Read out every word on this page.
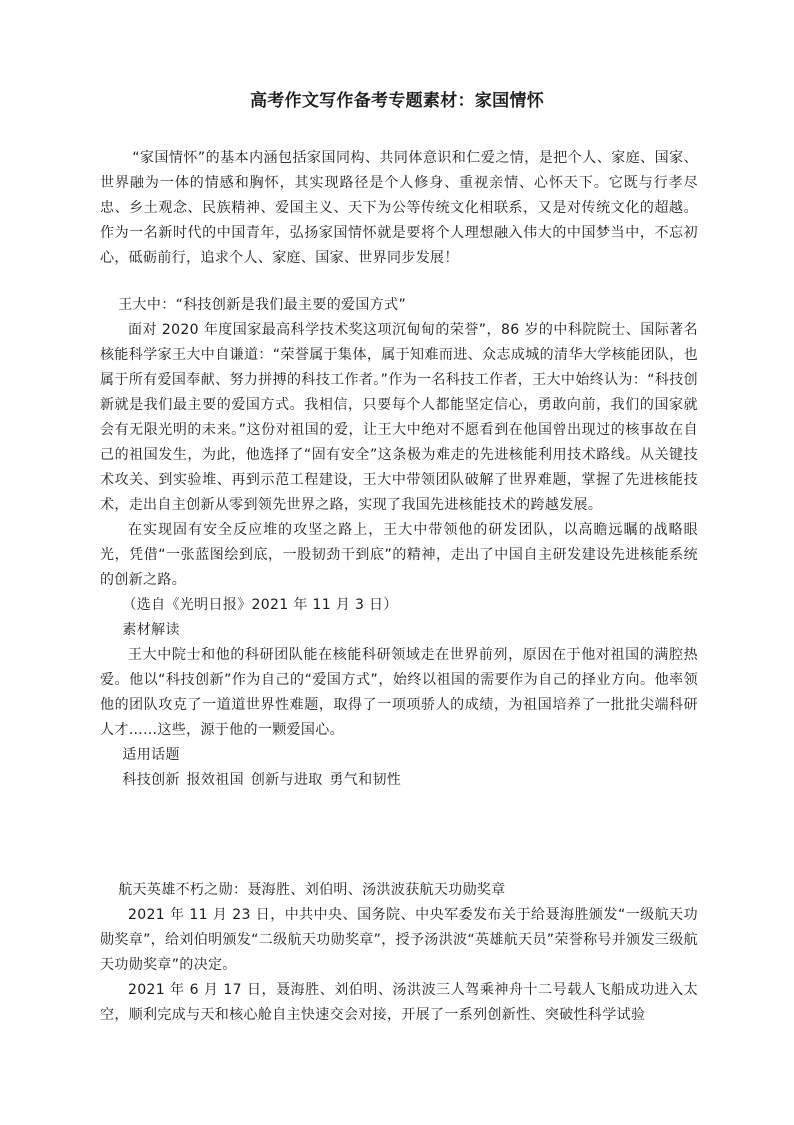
高考作文写作备考专题素材：家国情怀

“家国情怀”的基本内涵包括家国同构、共同体意识和仁爱之情，是把个人、家庭、国家、世界融为一体的情感和胸怀，其实现路径是个人修身、重视亲情、心怀天下。它既与行孝尽忠、乡土观念、民族精神、爱国主义、天下为公等传统文化相联系，又是对传统文化的超越。作为一名新时代的中国青年，弘扬家国情怀就是要将个人理想融入伟大的中国梦当中，不忘初心，砥砺前行，追求个人、家庭、国家、世界同步发展！

王大中：“科技创新是我们最主要的爱国方式”

面对 2020 年度国家最高科学技术奖这项沉甸甸的荣誉”，86 岁的中科院院士、国际著名核能科学家王大中自谦道：“荣誉属于集体，属于知难而进、众志成城的清华大学核能团队，也属于所有爱国奉献、努力拼搏的科技工作者。”作为一名科技工作者，王大中始终认为：“科技创新就是我们最主要的爱国方式。我相信，只要每个人都能坚定信心，勇敢向前，我们的国家就会有无限光明的未来。”这份对祖国的爱，让王大中绝对不愿看到在他国曾出现过的核事故在自己的祖国发生，为此，他选择了“固有安全”这条极为难走的先进核能利用技术路线。从关键技术攻关、到实验堆、再到示范工程建设，王大中带领团队破解了世界难题，掌握了先进核能技术，走出自主创新从零到领先世界之路，实现了我国先进核能技术的跨越发展。

在实现固有安全反应堆的攻坚之路上，王大中带领他的研发团队，以高瞻远瞩的战略眼光，凭借“一张蓝图绘到底，一股韧劲干到底”的精神，走出了中国自主研发建设先进核能系统的创新之路。

（选自《光明日报》2021 年 11 月 3 日）

素材解读

王大中院士和他的科研团队能在核能科研领域走在世界前列，原因在于他对祖国的满腔热爱。他以“科技创新”作为自己的“爱国方式”，始终以祖国的需要作为自己的择业方向。他率领他的团队攻克了一道道世界性难题，取得了一项项骄人的成绩，为祖国培养了一批批尖端科研人才……这些，源于他的一颗爱国心。

适用话题

科技创新 报效祖国 创新与进取 勇气和韧性

航天英雄不朽之勋：聂海胜、刘伯明、汤洪波获航天功勋奖章

2021 年 11 月 23 日，中共中央、国务院、中央军委发布关于给聂海胜颁发“一级航天功勋奖章”，给刘伯明颁发“二级航天功勋奖章”，授予汤洪波“英雄航天员”荣誉称号并颁发三级航天功勋奖章”的决定。

2021 年 6 月 17 日，聂海胜、刘伯明、汤洪波三人驾乘神舟十二号载人飞船成功进入太空，顺利完成与天和核心舱自主快速交会对接，开展了一系列创新性、突破性科学试验
